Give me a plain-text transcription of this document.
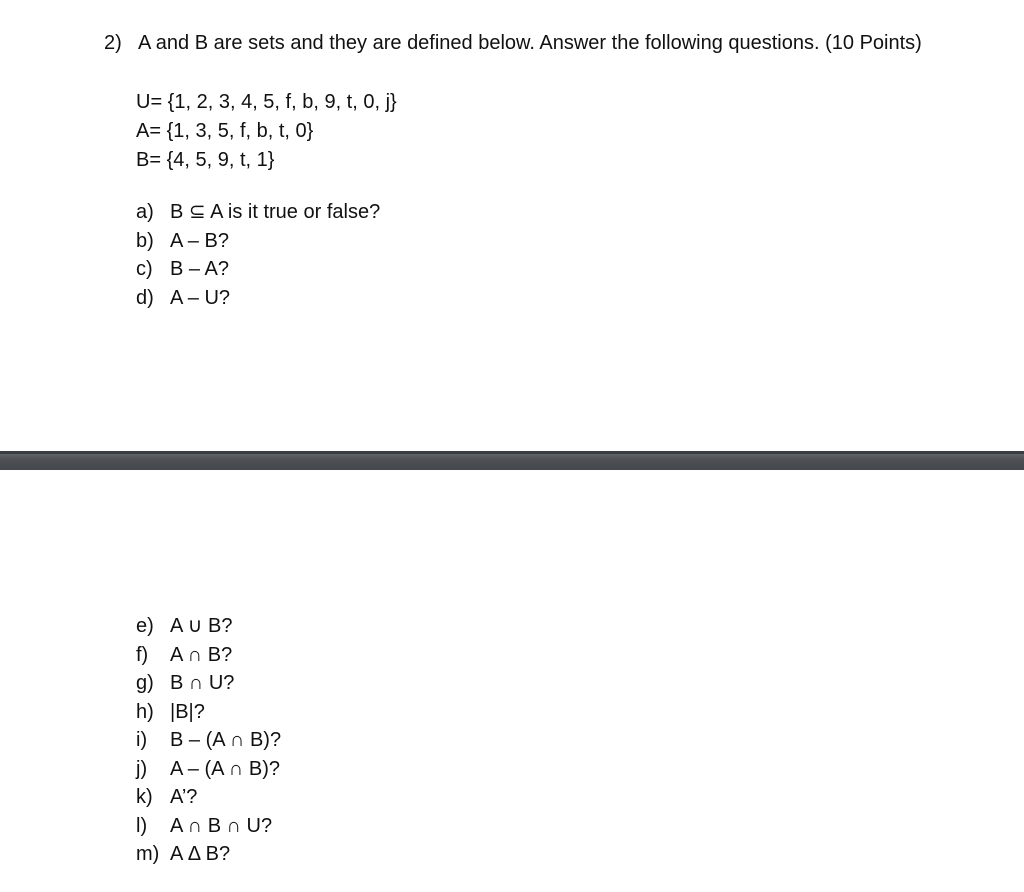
2) A and B are sets and they are defined below. Answer the following questions. (10 Points)
U= {1, 2, 3, 4, 5, f, b, 9, t, 0, j}
A= {1, 3, 5, f, b, t, 0}
B= {4, 5, 9, t, 1}
a) B ⊆ A is it true or false?
b) A – B?
c) B – A?
d) A – U?
e) A ∪ B?
f) A ∩ B?
g) B ∩ U?
h) |B|?
i) B – (A ∩ B)?
j) A – (A ∩ B)?
k) A’?
l) A ∩ B ∩ U?
m) A Δ B?
